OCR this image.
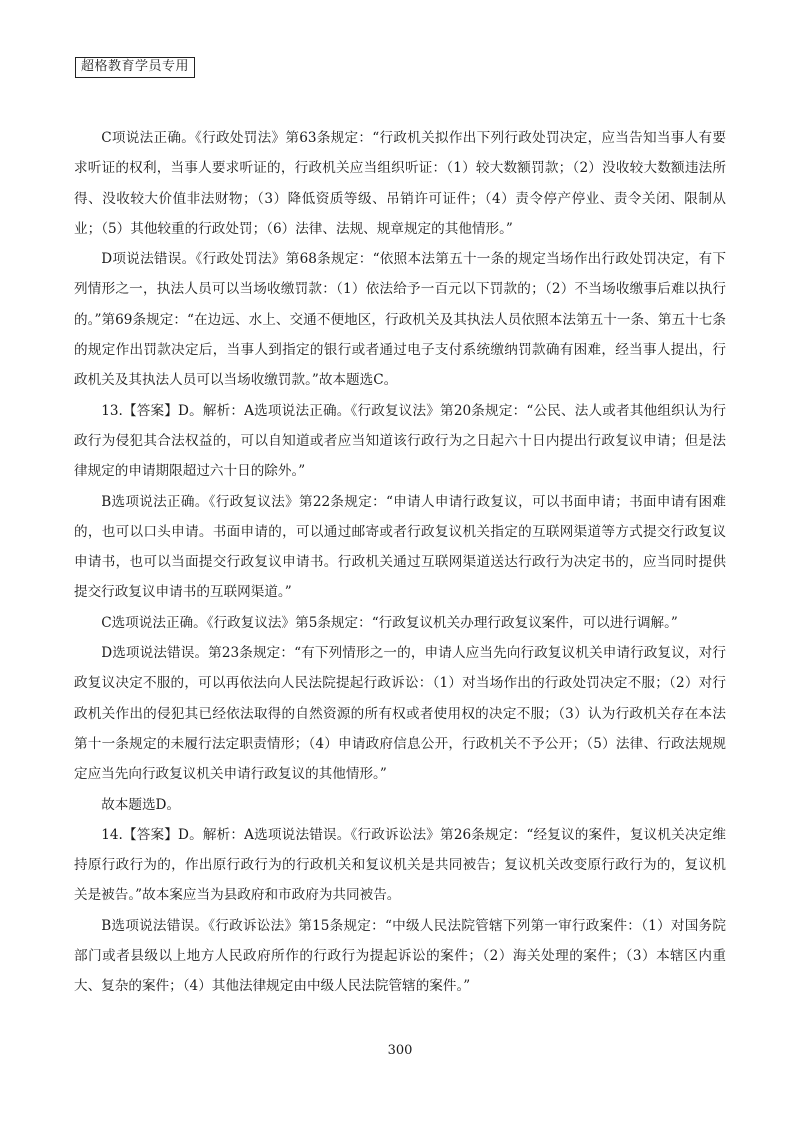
超格教育学员专用

C项说法正确。《行政处罚法》第63条规定：“行政机关拟作出下列行政处罚决定，应当告知当事人有要求听证的权利，当事人要求听证的，行政机关应当组织听证：（1）较大数额罚款；（2）没收较大数额违法所得、没收较大价值非法财物；（3）降低资质等级、吊销许可证件；（4）责令停产停业、责令关闭、限制从业；（5）其他较重的行政处罚；（6）法律、法规、规章规定的其他情形。”

D项说法错误。《行政处罚法》第68条规定：“依照本法第五十一条的规定当场作出行政处罚决定，有下列情形之一，执法人员可以当场收缴罚款：（1）依法给予一百元以下罚款的；（2）不当场收缴事后难以执行的。”第69条规定：“在边远、水上、交通不便地区，行政机关及其执法人员依照本法第五十一条、第五十七条的规定作出罚款决定后，当事人到指定的银行或者通过电子支付系统缴纳罚款确有困难，经当事人提出，行政机关及其执法人员可以当场收缴罚款。”故本题选C。

13.【答案】D。解析：A选项说法正确。《行政复议法》第20条规定：“公民、法人或者其他组织认为行政行为侵犯其合法权益的，可以自知道或者应当知道该行政行为之日起六十日内提出行政复议申请；但是法律规定的申请期限超过六十日的除外。”

B选项说法正确。《行政复议法》第22条规定：“申请人申请行政复议，可以书面申请；书面申请有困难的，也可以口头申请。书面申请的，可以通过邮寄或者行政复议机关指定的互联网渠道等方式提交行政复议申请书，也可以当面提交行政复议申请书。行政机关通过互联网渠道送达行政行为决定书的，应当同时提供提交行政复议申请书的互联网渠道。”

C选项说法正确。《行政复议法》第5条规定：“行政复议机关办理行政复议案件，可以进行调解。”

D选项说法错误。第23条规定：“有下列情形之一的，申请人应当先向行政复议机关申请行政复议，对行政复议决定不服的，可以再依法向人民法院提起行政诉讼：（1）对当场作出的行政处罚决定不服；（2）对行政机关作出的侵犯其已经依法取得的自然资源的所有权或者使用权的决定不服；（3）认为行政机关存在本法第十一条规定的未履行法定职责情形；（4）申请政府信息公开，行政机关不予公开；（5）法律、行政法规规定应当先向行政复议机关申请行政复议的其他情形。”

故本题选D。

14.【答案】D。解析：A选项说法错误。《行政诉讼法》第26条规定：“经复议的案件，复议机关决定维持原行政行为的，作出原行政行为的行政机关和复议机关是共同被告；复议机关改变原行政行为的，复议机关是被告。”故本案应当为县政府和市政府为共同被告。

B选项说法错误。《行政诉讼法》第15条规定：“中级人民法院管辖下列第一审行政案件：（1）对国务院部门或者县级以上地方人民政府所作的行政行为提起诉讼的案件；（2）海关处理的案件；（3）本辖区内重大、复杂的案件；（4）其他法律规定由中级人民法院管辖的案件。”

300
